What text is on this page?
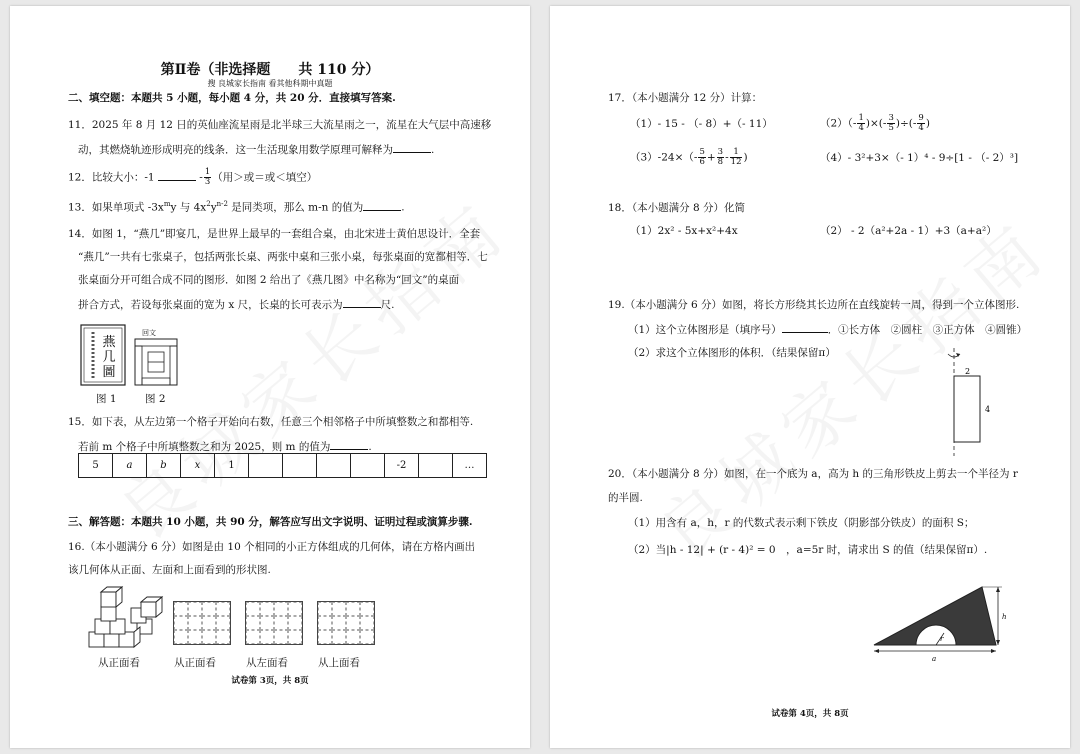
第Ⅱ卷（非选择题　　共 110 分）
搜 良城家长指南 看其他科期中真题
二、填空题：本题共 5 小题，每小题 4 分，共 20 分．直接填写答案.
11．2025 年 8 月 12 日的英仙座流星雨是北半球三大流星雨之一，流星在大气层中高速移
动，其燃烧轨迹形成明亮的线条．这一生活现象用数学原理可解释为	.
12．比较大小：-1	- $\frac{1}{3}$ （用＞或＝或＜填空）
13．如果单项式 $-3x^my$ 与 $4x^2y^{n-2}$ 是同类项，那么 m-n 的值为	.
14．如图 1，“燕几”即宴几，是世界上最早的一套组合桌，由北宋进士黄伯思设计．全套
“燕几”一共有七张桌子，包括两张长桌、两张中桌和三张小桌，每张桌面的宽都相等．七
张桌面分开可组合成不同的图形．如图 2 给出了《燕几图》中名称为“回文”的桌面
拼合方式，若设每张桌面的宽为 x 尺，长桌的长可表示为	尺.
燕
几
圖
回文
图 1	图 2
15．如下表，从左边第一个格子开始向右数，任意三个相邻格子中所填整数之和都相等.
若前 m 个格子中所填整数之和为 2025，则 m 的值为	.
5	a	b	x	1					-2		…
三、解答题：本题共 10 小题，共 90 分，解答应写出文字说明、证明过程或演算步骤.
16.（本小题满分 6 分）如图是由 10 个相同的小正方体组成的几何体，请在方格内画出
该几何体从正面、左面和上面看到的形状图.
从正面看	从正面看	从左面看	从上面看
试卷第 3页，共 8页
17．（本小题满分 12 分）计算：
（1）- 15 - （- 8）+（- 11）	$(2)(- \frac{1}{4}$ )×(- $\frac{3}{5}$ )÷(- $\frac{9}{4}$ )
$(3)-24\times(- \frac{5}{6} + \frac{3}{8} - \frac{1}{12}$ )	（4）- 3²+3×（- 1）⁴ - 9÷[1 - （- 2）³]
18．（本小题满分 8 分）化简
（1）2x² - 5x+x²+4x	（2） - 2（a²+2a - 1）+3（a+a²）
19.（本小题满分 6 分）如图，将长方形绕其长边所在直线旋转一周，得到一个立体图形.
（1）这个立体图形是（填序号）	．①长方体　②圆柱　③正方体　④圆锥）
（2）求这个立体图形的体积．（结果保留π）
2
4
20．（本小题满分 8 分）如图，在一个底为 a，高为 h 的三角形铁皮上剪去一个半径为 r
的半圆.
（1）用含有 a，h，r 的代数式表示剩下铁皮（阴影部分铁皮）的面积 S；
（2）当|h - 12| + (r - 4)² = 0　，a=5r 时，请求出 S 的值（结果保留π）.
r
h
a
试卷第 4页，共 8页
